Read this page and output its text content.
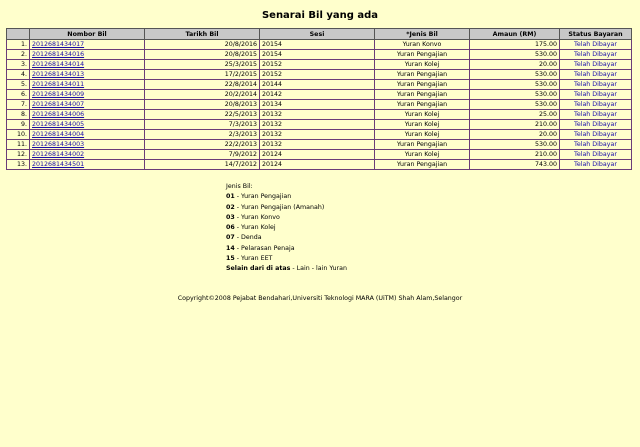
Senarai Bil yang ada
	Nombor Bil	Tarikh Bil	Sesi	*Jenis Bil	Amaun (RM)	Status Bayaran
1.	2012681434017	20/8/2016	20154	Yuran Konvo	175.00	Telah Dibayar
2.	2012681434016	20/8/2015	20154	Yuran Pengajian	530.00	Telah Dibayar
3.	2012681434014	25/3/2015	20152	Yuran Kolej	20.00	Telah Dibayar
4.	2012681434013	17/2/2015	20152	Yuran Pengajian	530.00	Telah Dibayar
5.	2012681434011	22/8/2014	20144	Yuran Pengajian	530.00	Telah Dibayar
6.	2012681434009	20/2/2014	20142	Yuran Pengajian	530.00	Telah Dibayar
7.	2012681434007	20/8/2013	20134	Yuran Pengajian	530.00	Telah Dibayar
8.	2012681434006	22/5/2013	20132	Yuran Kolej	25.00	Telah Dibayar
9.	2012681434005	7/3/2013	20132	Yuran Kolej	210.00	Telah Dibayar
10.	2012681434004	2/3/2013	20132	Yuran Kolej	20.00	Telah Dibayar
11.	2012681434003	22/2/2013	20132	Yuran Pengajian	530.00	Telah Dibayar
12.	2012681434002	7/9/2012	20124	Yuran Kolej	210.00	Telah Dibayar
13.	2012681434501	14/7/2012	20124	Yuran Pengajian	743.00	Telah Dibayar
Jenis Bil:
01 - Yuran Pengajian
02 - Yuran Pengajian (Amanah)
03 - Yuran Konvo
06 - Yuran Kolej
07 - Denda
14 - Pelarasan Penaja
15 - Yuran EET
Selain dari di atas - Lain - lain Yuran
Copyright©2008 Pejabat Bendahari,Universiti Teknologi MARA (UiTM) Shah Alam,Selangor
